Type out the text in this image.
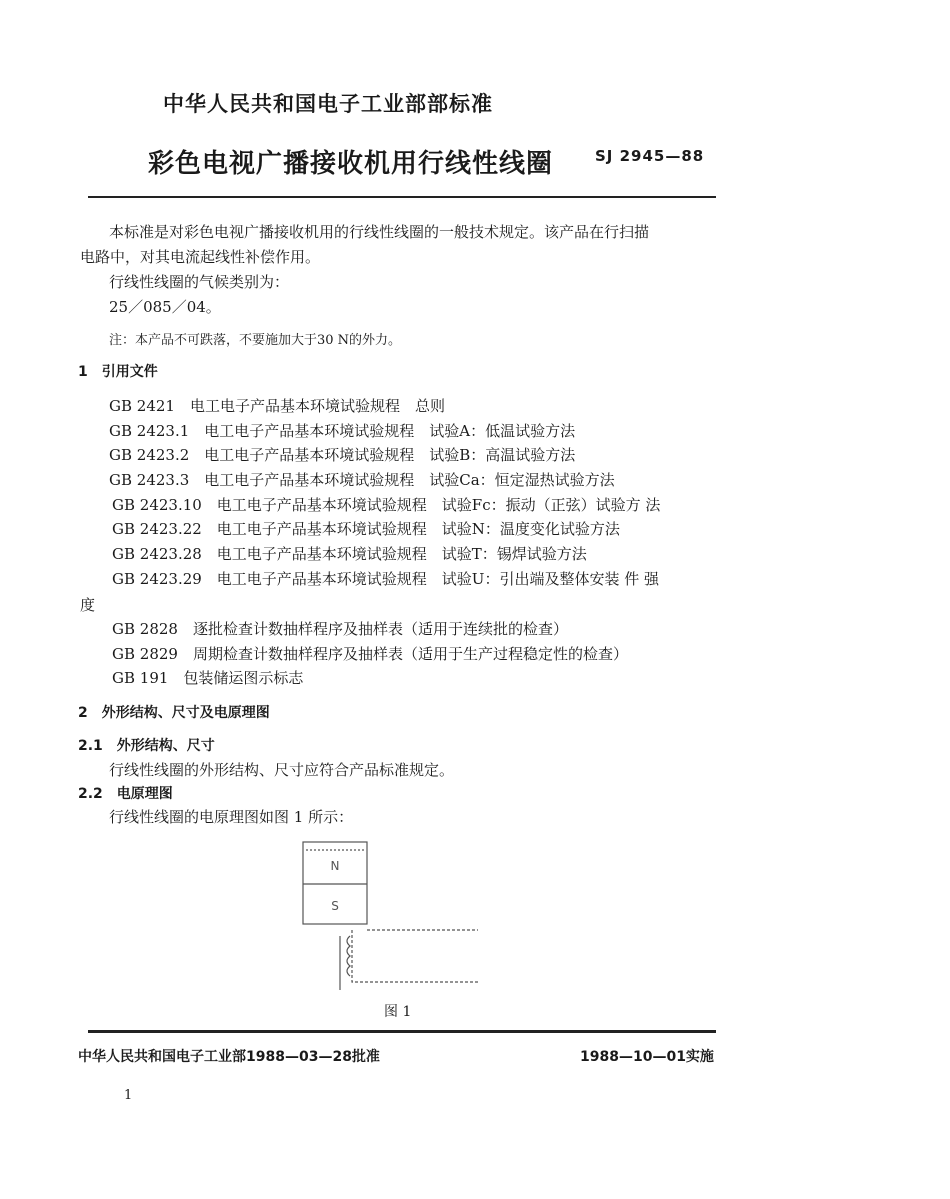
中华人民共和国电子工业部部标准
彩色电视广播接收机用行线性线圈	SJ 2945—88
本标准是对彩色电视广播接收机用的行线性线圈的一般技术规定。该产品在行扫描
电路中，对其电流起线性补偿作用。
行线性线圈的气候类别为：
25／085／04。
注：本产品不可跌落，不要施加大于30 N的外力。
1　引用文件
GB 2421　电工电子产品基本环境试验规程　总则
GB 2423.1　电工电子产品基本环境试验规程　试验A：低温试验方法
GB 2423.2　电工电子产品基本环境试验规程　试验B：高温试验方法
GB 2423.3　电工电子产品基本环境试验规程　试验Ca：恒定湿热试验方法
GB 2423.10　电工电子产品基本环境试验规程　试验Fc：振动（正弦）试验方 法
GB 2423.22　电工电子产品基本环境试验规程　试验N：温度变化试验方法
GB 2423.28　电工电子产品基本环境试验规程　试验T：锡焊试验方法
GB 2423.29　电工电子产品基本环境试验规程　试验U：引出端及整体安装 件 强
度
GB 2828　逐批检查计数抽样程序及抽样表（适用于连续批的检查）
GB 2829　周期检查计数抽样程序及抽样表（适用于生产过程稳定性的检查）
GB 191　包装储运图示标志
2　外形结构、尺寸及电原理图
2.1　外形结构、尺寸
行线性线圈的外形结构、尺寸应符合产品标准规定。
2.2　电原理图
行线性线圈的电原理图如图 1 所示：
N
S
图 1
中华人民共和国电子工业部1988—03—28批准	1988—10—01实施
1
